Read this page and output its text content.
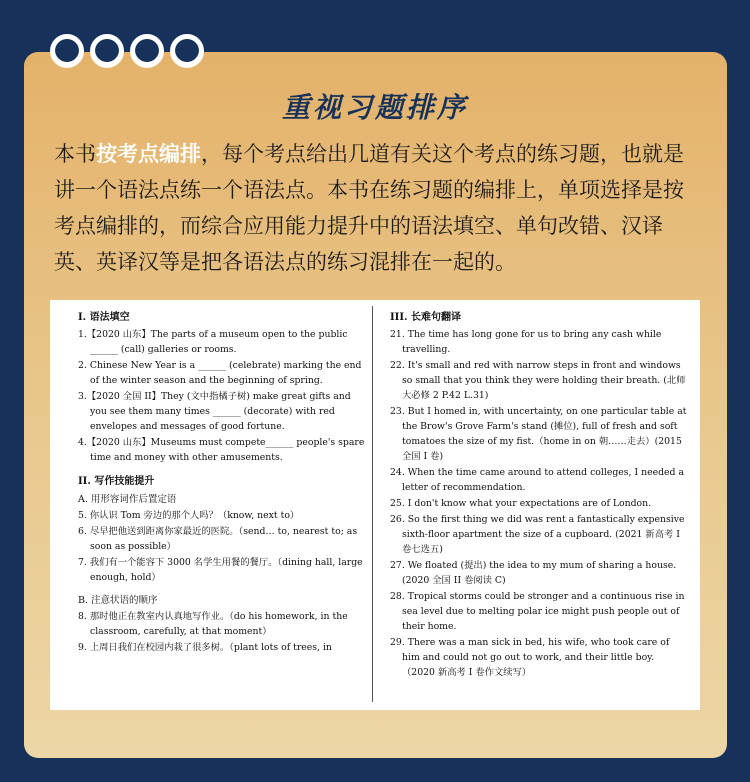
重视习题排序
本书按考点编排，每个考点给出几道有关这个考点的练习题，也就是讲一个语法点练一个语法点。本书在练习题的编排上，单项选择是按考点编排的，而综合应用能力提升中的语法填空、单句改错、汉译英、英译汉等是把各语法点的练习混排在一起的。
I. 语法填空
1.【2020 山东】The parts of a museum open to the public ______ (call) galleries or rooms.
2. Chinese New Year is a ______ (celebrate) marking the end of the winter season and the beginning of spring.
3.【2020 全国 II】They (文中指橘子树) make great gifts and you see them many times ______ (decorate) with red envelopes and messages of good fortune.
4.【2020 山东】Museums must compete______ people's spare time and money with other amusements.
II. 写作技能提升
A. 用形容词作后置定语
5. 你认识 Tom 旁边的那个人吗？（know, next to）
6. 尽早把他送到距离你家最近的医院。（send… to, nearest to; as soon as possible）
7. 我们有一个能容下 3000 名学生用餐的餐厅。（dining hall, large enough, hold）
B. 注意状语的顺序
8. 那时他正在教室内认真地写作业。（do his homework, in the classroom, carefully, at that moment）
9. 上周日我们在校园内栽了很多树。（plant lots of trees, in
III. 长难句翻译
21. The time has long gone for us to bring any cash while travelling.
22. It's small and red with narrow steps in front and windows so small that you think they were holding their breath. (北师大必修 2 P.42 L.31)
23. But I homed in, with uncertainty, on one particular table at the Brow's Grove Farm's stand (摊位), full of fresh and soft tomatoes the size of my fist.（home in on 朝……走去）(2015 全国 I 卷)
24. When the time came around to attend colleges, I needed a letter of recommendation.
25. I don't know what your expectations are of London.
26. So the first thing we did was rent a fantastically expensive sixth-floor apartment the size of a cupboard. (2021 新高考 I 卷七选五)
27. We floated (提出) the idea to my mum of sharing a house. (2020 全国 II 卷阅读 C)
28. Tropical storms could be stronger and a continuous rise in sea level due to melting polar ice might push people out of their home.
29. There was a man sick in bed, his wife, who took care of him and could not go out to work, and their little boy.（2020 新高考 I 卷作文续写）
